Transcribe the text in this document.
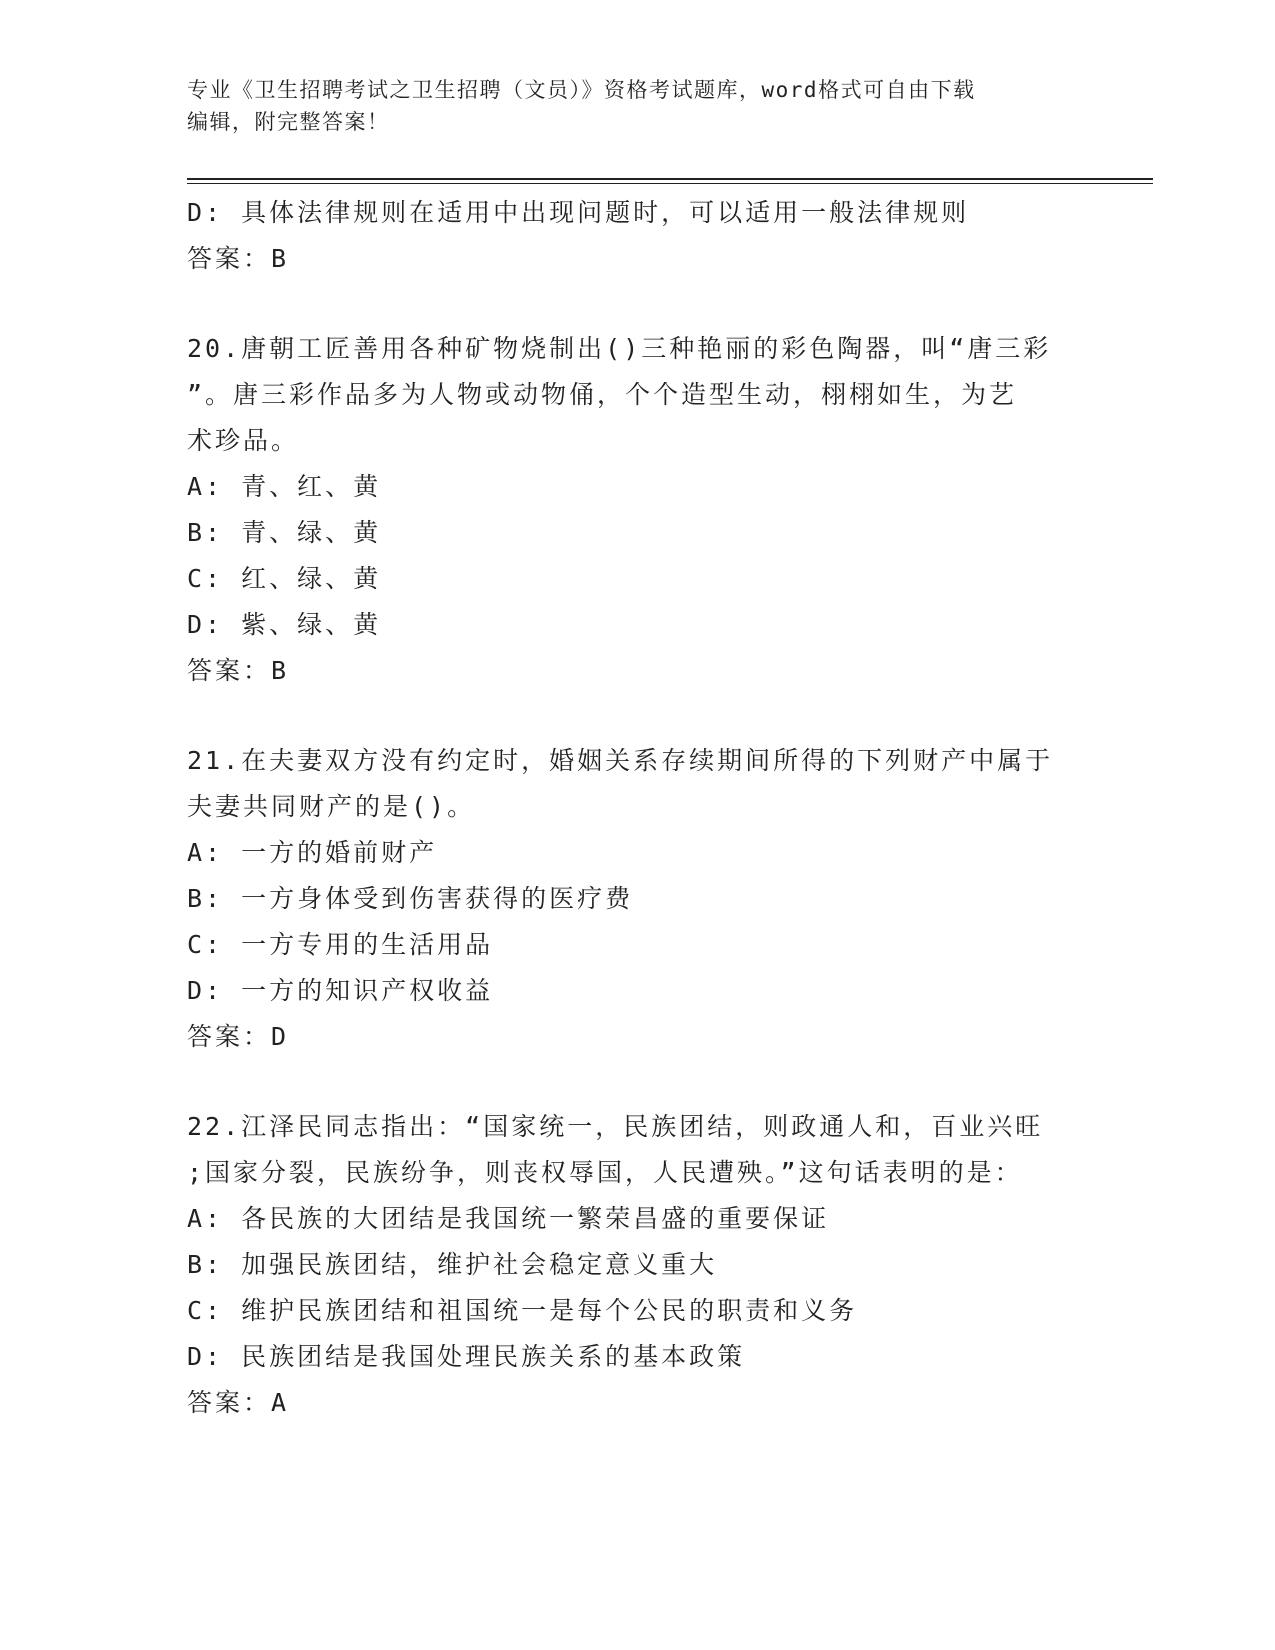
专业《卫生招聘考试之卫生招聘（文员）》资格考试题库，word格式可自由下载
编辑，附完整答案！
D: 具体法律规则在适用中出现问题时，可以适用一般法律规则
答案：B
20.唐朝工匠善用各种矿物烧制出()三种艳丽的彩色陶器，叫“唐三彩
”。唐三彩作品多为人物或动物俑，个个造型生动，栩栩如生，为艺
术珍品。
A: 青、红、黄
B: 青、绿、黄
C: 红、绿、黄
D: 紫、绿、黄
答案：B
21.在夫妻双方没有约定时，婚姻关系存续期间所得的下列财产中属于
夫妻共同财产的是()。
A: 一方的婚前财产
B: 一方身体受到伤害获得的医疗费
C: 一方专用的生活用品
D: 一方的知识产权收益
答案：D
22.江泽民同志指出：“国家统一，民族团结，则政通人和，百业兴旺
;国家分裂，民族纷争，则丧权辱国，人民遭殃。”这句话表明的是：
A: 各民族的大团结是我国统一繁荣昌盛的重要保证
B: 加强民族团结，维护社会稳定意义重大
C: 维护民族团结和祖国统一是每个公民的职责和义务
D: 民族团结是我国处理民族关系的基本政策
答案：A
